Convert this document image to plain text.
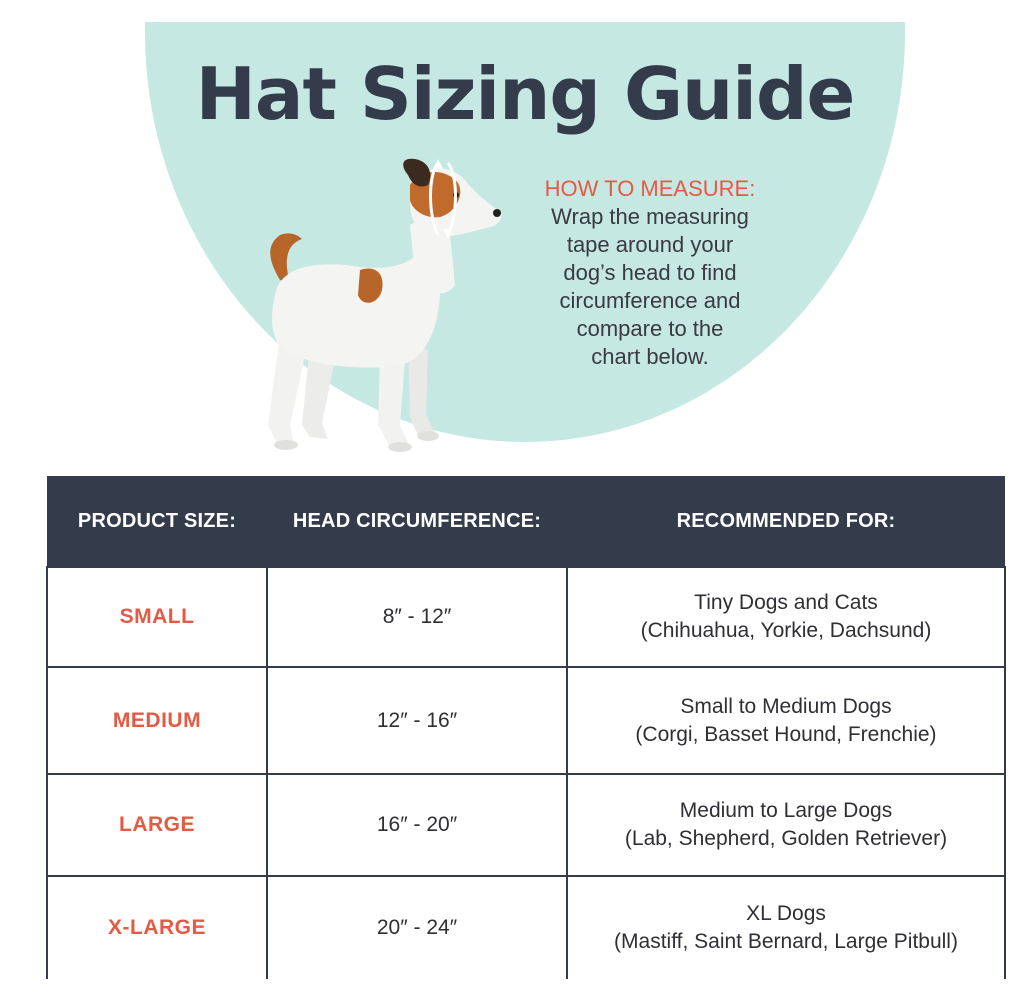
Hat Sizing Guide
HOW TO MEASURE:
Wrap the measuring
tape around your
dog’s head to find
circumference and
compare to the
chart below.
PRODUCT SIZE:	HEAD CIRCUMFERENCE:	RECOMMENDED FOR:
SMALL	8″ - 12″	Tiny Dogs and Cats
(Chihuahua, Yorkie, Dachsund)

MEDIUM	12″ - 16″	Small to Medium Dogs
(Corgi, Basset Hound, Frenchie)

LARGE	16″ - 20″	Medium to Large Dogs
(Lab, Shepherd, Golden Retriever)

X-LARGE	20″ - 24″	XL Dogs
(Mastiff, Saint Bernard, Large Pitbull)
